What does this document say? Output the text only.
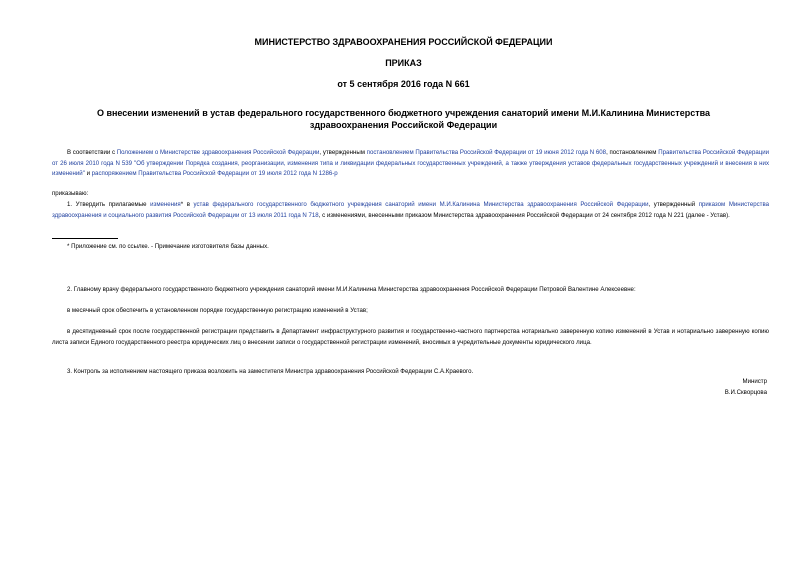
МИНИСТЕРСТВО ЗДРАВООХРАНЕНИЯ РОССИЙСКОЙ ФЕДЕРАЦИИ
ПРИКАЗ
от 5 сентября 2016 года N 661
О внесении изменений в устав федерального государственного бюджетного учреждения санаторий имени М.И.Калинина Министерства здравоохранения Российской Федерации
В соответствии с Положением о Министерстве здравоохранения Российской Федерации, утвержденным постановлением Правительства Российской Федерации от 19 июня 2012 года N 608, постановлением Правительства Российской Федерации от 26 июля 2010 года N 539 "Об утверждении Порядка создания, реорганизации, изменения типа и ликвидации федеральных государственных учреждений, а также утверждения уставов федеральных государственных учреждений и внесения в них изменений" и распоряжением Правительства Российской Федерации от 19 июля 2012 года N 1286-р
приказываю:
1. Утвердить прилагаемые изменения* в устав федерального государственного бюджетного учреждения санаторий имени М.И.Калинина Министерства здравоохранения Российской Федерации, утвержденный приказом Министерства здравоохранения и социального развития Российской Федерации от 13 июля 2011 года N 718, с изменениями, внесенными приказом Министерства здравоохранения Российской Федерации от 24 сентября 2012 года N 221 (далее - Устав).
* Приложение см. по ссылке. - Примечание изготовителя базы данных.
2. Главному врачу федерального государственного бюджетного учреждения санаторий имени М.И.Калинина Министерства здравоохранения Российской Федерации Петровой Валентине Алексеевне:
в месячный срок обеспечить в установленном порядке государственную регистрацию изменений в Устав;
в десятидневный срок после государственной регистрации представить в Департамент инфраструктурного развития и государственно-частного партнерства нотариально заверенную копию изменений в Устав и нотариально заверенную копию листа записи Единого государственного реестра юридических лиц о внесении записи о государственной регистрации изменений, вносимых в учредительные документы юридического лица.
3. Контроль за исполнением настоящего приказа возложить на заместителя Министра здравоохранения Российской Федерации С.А.Краевого.
Министр
В.И.Скворцова
